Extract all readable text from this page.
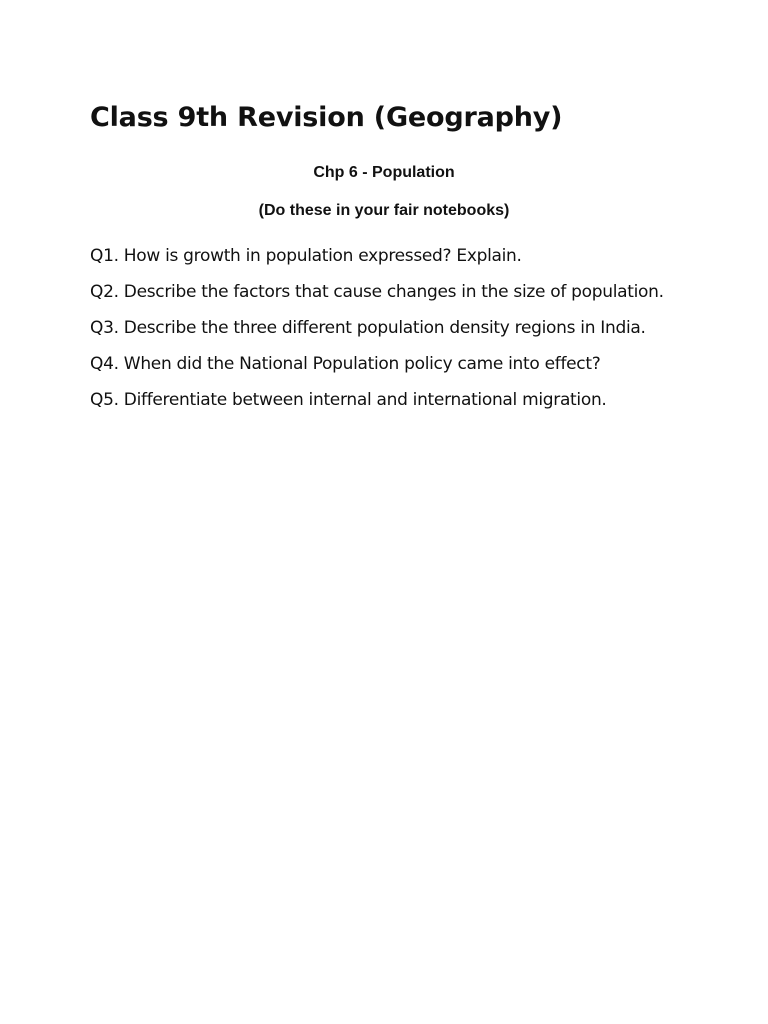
Class 9th Revision (Geography)

Chp 6 - Population

(Do these in your fair notebooks)

Q1. How is growth in population expressed? Explain.
Q2. Describe the factors that cause changes in the size of population.
Q3. Describe the three different population density regions in India.
Q4. When did the National Population policy came into effect?
Q5. Differentiate between internal and international migration.
